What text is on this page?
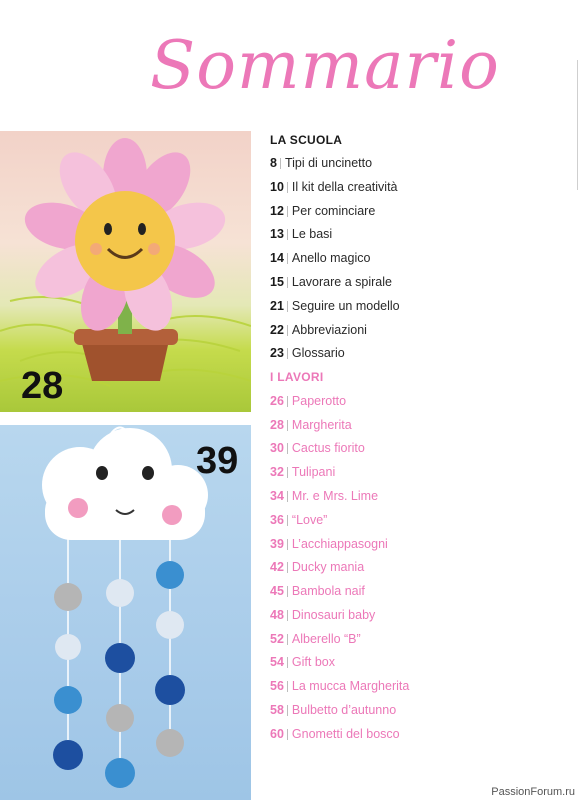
Sommario
28
39
LA SCUOLA
8 Tipi di uncinetto
10 Il kit della creatività
12 Per cominciare
13 Le basi
14 Anello magico
15 Lavorare a spirale
21 Seguire un modello
22 Abbreviazioni
23 Glossario
I LAVORI
26 Paperotto
28 Margherita
30 Cactus fiorito
32 Tulipani
34 Mr. e Mrs. Lime
36 “Love”
39 L’acchiappasogni
42 Ducky mania
45 Bambola naif
48 Dinosauri baby
52 Alberello “B”
54 Gift box
56 La mucca Margherita
58 Bulbetto d’autunno
60 Gnometti del bosco
PassionForum.ru
